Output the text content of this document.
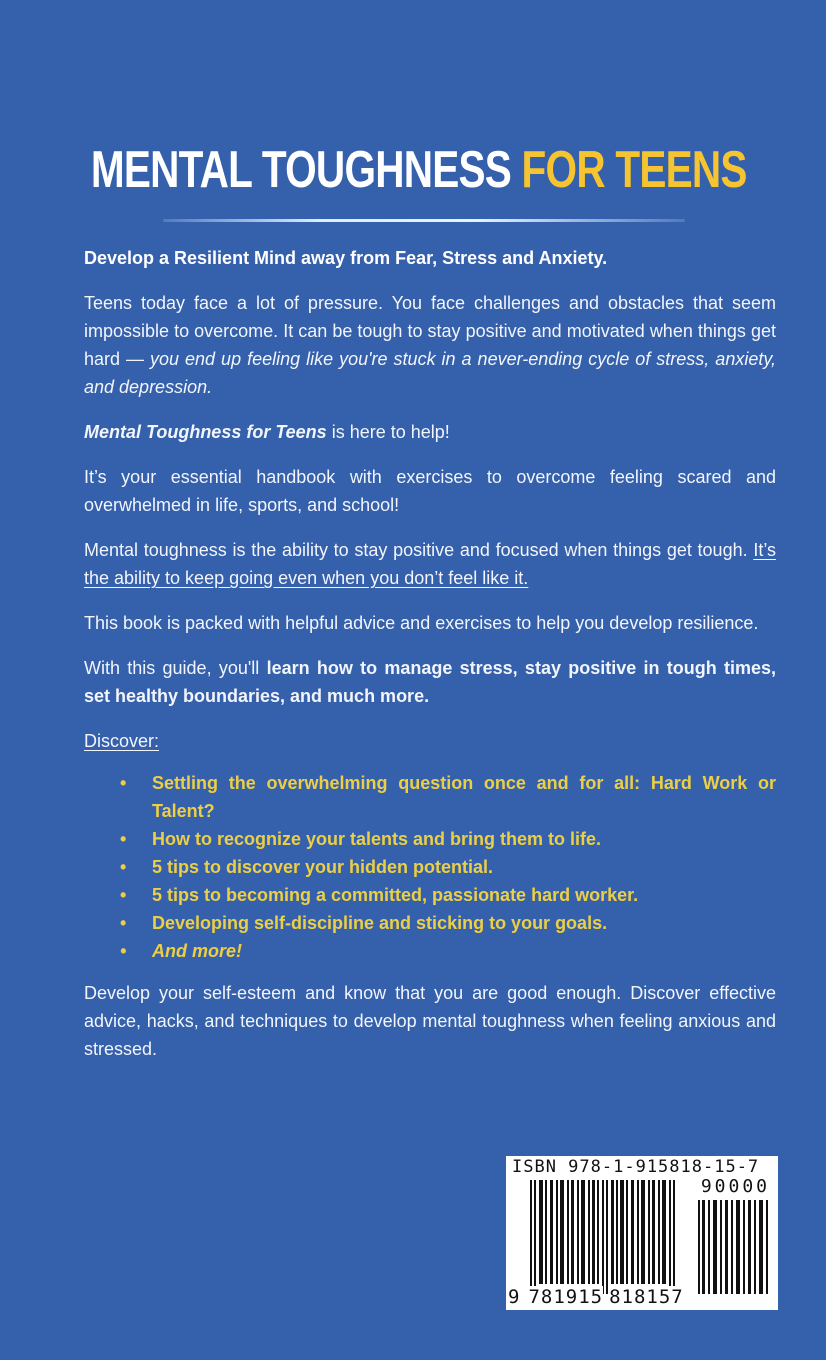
MENTAL TOUGHNESS FOR TEENS

Develop a Resilient Mind away from Fear, Stress and Anxiety.

Teens today face a lot of pressure. You face challenges and obstacles that seem impossible to overcome. It can be tough to stay positive and motivated when things get hard — you end up feeling like you're stuck in a never-ending cycle of stress, anxiety, and depression.

Mental Toughness for Teens is here to help!

It’s your essential handbook with exercises to overcome feeling scared and overwhelmed in life, sports, and school!

Mental toughness is the ability to stay positive and focused when things get tough. It’s the ability to keep going even when you don’t feel like it.

This book is packed with helpful advice and exercises to help you develop resilience.

With this guide, you'll learn how to manage stress, stay positive in tough times, set healthy boundaries, and much more.

Discover:

• Settling the overwhelming question once and for all: Hard Work or Talent?
• How to recognize your talents and bring them to life.
• 5 tips to discover your hidden potential.
• 5 tips to becoming a committed, passionate hard worker.
• Developing self-discipline and sticking to your goals.
• And more!

Develop your self-esteem and know that you are good enough. Discover effective advice, hacks, and techniques to develop mental toughness when feeling anxious and stressed.

ISBN 978-1-915818-15-7
90000
9 781915 818157
